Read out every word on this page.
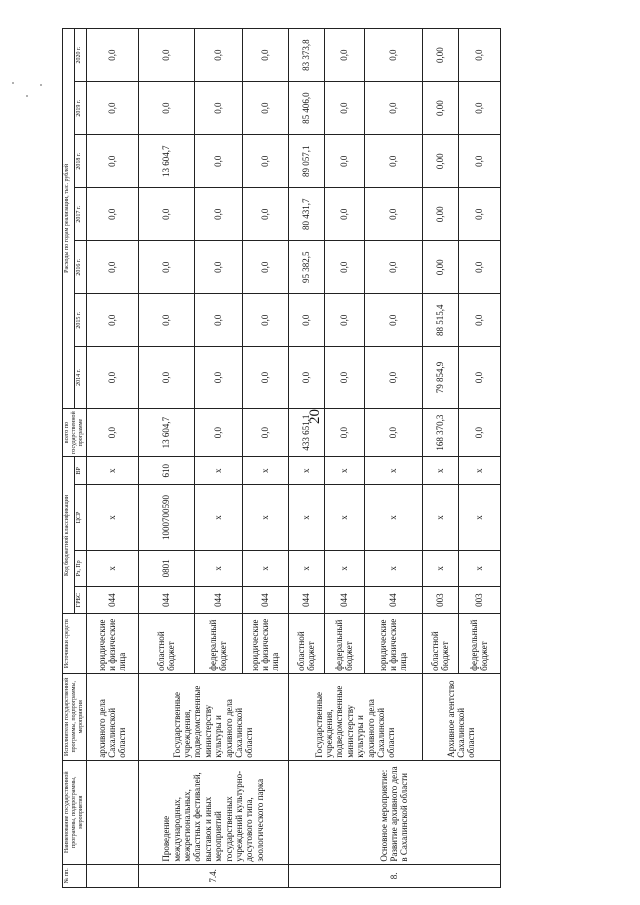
20
№ пп.	Наименование государственной программы, подпрограммы, мероприятия	Исполнители государственной программы, подпрограммы, мероприятия	Источники средств	Код бюджетной классификации				всего по государственной программе	Расходы по годам реализации, тыс. рублей						
				ГРБС	Рз, Пр	ЦСР	ВР		2014 г.	2015 г.	2016 г.	2017 г.	2018 г.	2019 г.	2020 г.
		архивного дела Сахалинской области	юридические и физические лица	044	x	x	x	0,0	0,0	0,0	0,0	0,0	0,0	0,0	0,0
7.4.	Проведение международных, межрегиональных, областных фестивалей, выставок и иных мероприятий государственных учреждений культурно-досугового типа, зоологического парка	Государственные учреждения, подведомственные министерству культуры и архивного дела Сахалинской области	областной бюджет	044	0801	1000700590	610	13 604,7	0,0	0,0	0,0	0,0	13 604,7	0,0	0,0
			федеральный бюджет	044	x	x	x	0,0	0,0	0,0	0,0	0,0	0,0	0,0	0,0
			юридические и физические лица	044	x	x	x	0,0	0,0	0,0	0,0	0,0	0,0	0,0	0,0
8.	Основное мероприятие: Развитие архивного дела в Сахалинской области	Государственные учреждения, подведомственные министерству культуры и архивного дела Сахалинской области	областной бюджет	044	x	x	x	433 651,1	0,0	0,0	95 382,5	80 431,7	89 057,1	85 406,0	83 373,8
			федеральный бюджет	044	x	x	x	0,0	0,0	0,0	0,0	0,0	0,0	0,0	0,0
			юридические и физические лица	044	x	x	x	0,0	0,0	0,0	0,0	0,0	0,0	0,0	0,0
		Архивное агентство Сахалинской области	областной бюджет	003	x	x	x	168 370,3	79 854,9	88 515,4	0,00	0,00	0,00	0,00	0,00
			федеральный бюджет	003	x	x	x	0,0	0,0	0,0	0,0	0,0	0,0	0,0	0,0
